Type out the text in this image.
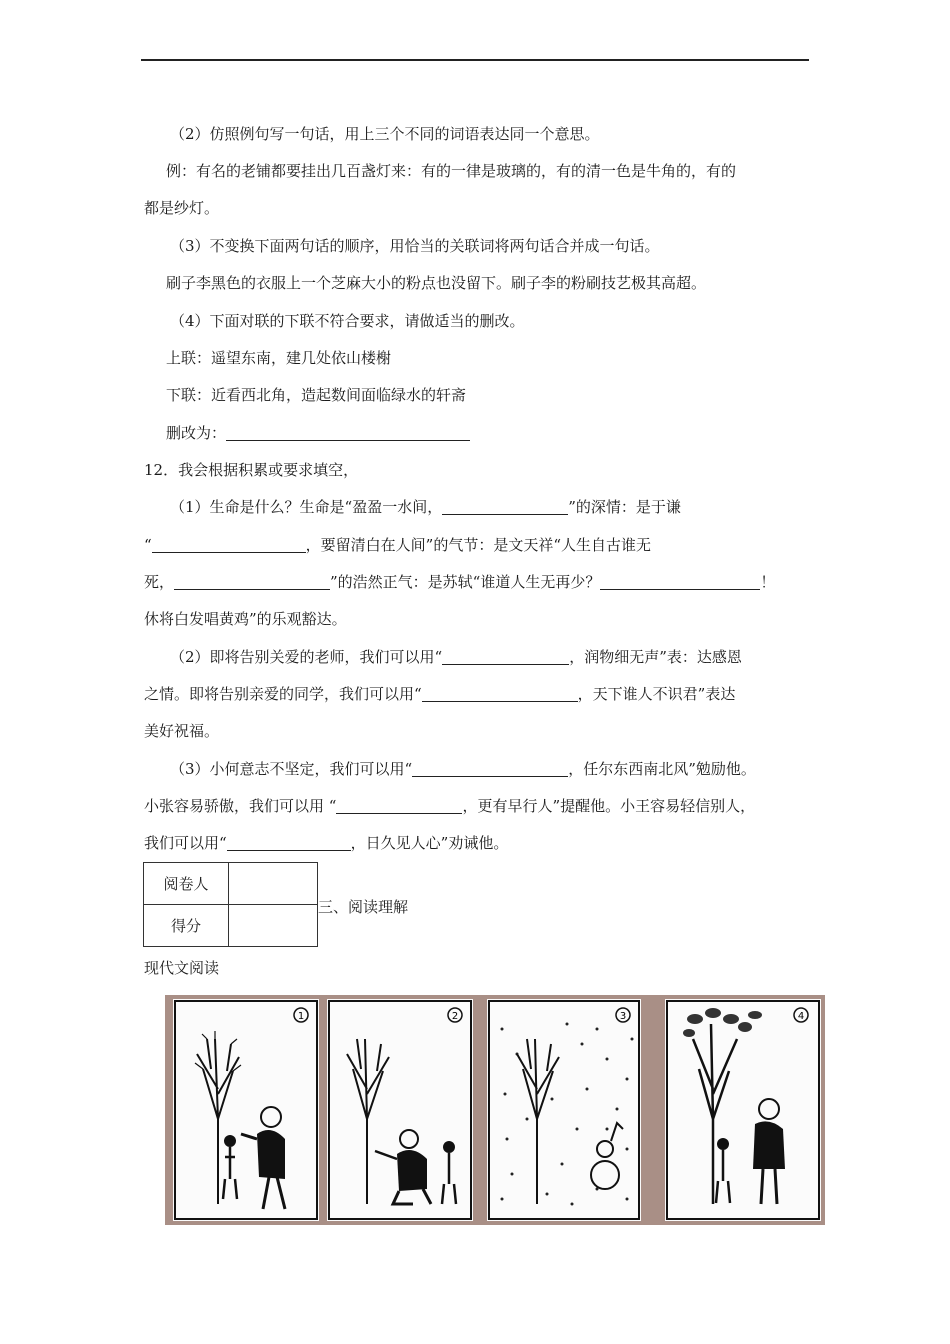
（2）仿照例句写一句话，用上三个不同的词语表达同一个意思。
例：有名的老铺都要挂出几百盏灯来：有的一律是玻璃的，有的清一色是牛角的，有的
都是纱灯。
（3）不变换下面两句话的顺序，用恰当的关联词将两句话合并成一句话。
刷子李黑色的衣服上一个芝麻大小的粉点也没留下。刷子李的粉刷技艺极其高超。
（4）下面对联的下联不符合要求，请做适当的删改。
上联：遥望东南，建几处依山楼榭
下联：近看西北角，造起数间面临绿水的轩斋
删改为：
12．我会根据积累或要求填空，
（1）生命是什么？生命是“盈盈一水间，	”的深情：是于谦
“	，要留清白在人间”的气节：是文天祥“人生自古谁无
死，	”的浩然正气：是苏轼“谁道人生无再少？	！
休将白发唱黄鸡”的乐观豁达。
（2）即将告别关爱的老师，我们可以用“	，润物细无声”表：达感恩
之情。即将告别亲爱的同学，我们可以用“	，天下谁人不识君”表达
美好祝福。
（3）小何意志不坚定，我们可以用“	，任尔东西南北风”勉励他。
小张容易骄傲，我们可以用 “	，更有早行人”提醒他。小王容易轻信别人，
我们可以用“	，日久见人心”劝诫他。
阅卷人	
得分	
三、阅读理解
现代文阅读
1	2	3	4
